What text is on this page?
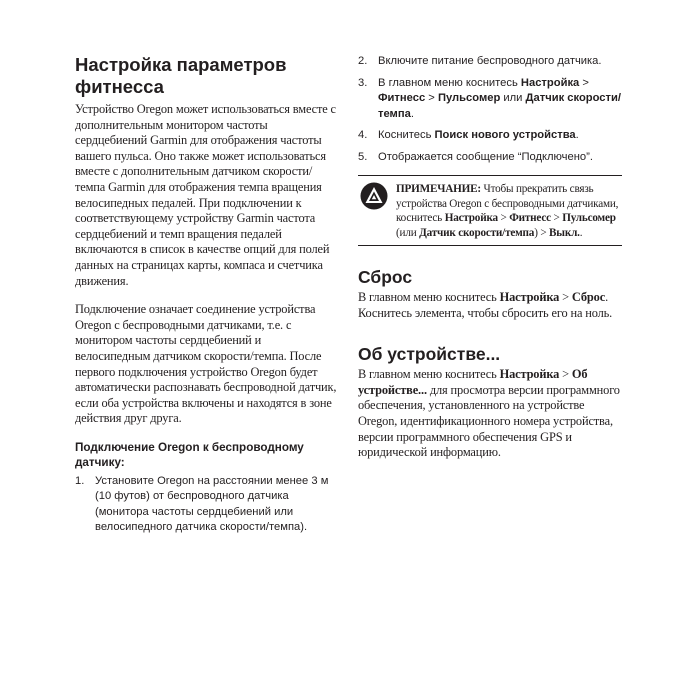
Настройка параметров фитнесса

Устройство Oregon может использоваться вместе с дополнительным монитором частоты сердцебиений Garmin для отображения частоты вашего пульса. Оно также может использоваться вместе с дополнительным датчиком скорости/темпа Garmin для отображения темпа вращения велосипедных педалей. При подключении к соответствующему устройству Garmin частота сердцебиений и темп вращения педалей включаются в список в качестве опций для полей данных на страницах карты, компаса и счетчика движения.

Подключение означает соединение устройства Oregon с беспроводными датчиками, т.е. с монитором частоты сердцебиений и велосипедным датчиком скорости/темпа. После первого подключения устройство Oregon будет автоматически распознавать беспроводной датчик, если оба устройства включены и находятся в зоне действия друг друга.

Подключение Oregon к беспроводному датчику:
1. Установите Oregon на расстоянии менее 3 м (10 футов) от беспроводного датчика (монитора частоты сердцебиений или велосипедного датчика скорости/темпа).
2. Включите питание беспроводного датчика.
3. В главном меню коснитесь Настройка > Фитнесс > Пульсомер или Датчик скорости/темпа.
4. Коснитесь Поиск нового устройства.
5. Отображается сообщение “Подключено”.
ПРИМЕЧАНИЕ: Чтобы прекратить связь устройства Oregon с беспроводными датчиками, коснитесь Настройка > Фитнесс > Пульсомер (или Датчик скорости/темпа) > Выкл..
Сброс

В главном меню коснитесь Настройка > Сброс. Коснитесь элемента, чтобы сбросить его на ноль.

Об устройстве...

В главном меню коснитесь Настройка > Об устройстве... для просмотра версии программного обеспечения, установленного на устройстве Oregon, идентификационного номера устройства, версии программного обеспечения GPS и юридической информацию.
